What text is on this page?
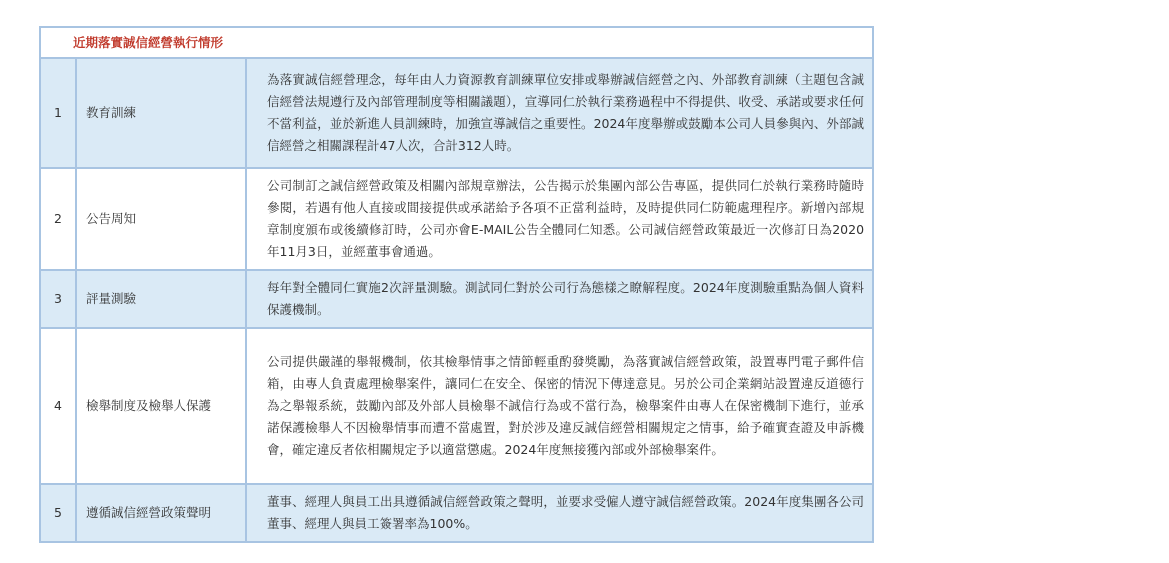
近期落實誠信經營執行情形		
1	教育訓練	為落實誠信經營理念，每年由人力資源教育訓練單位安排或舉辦誠信經營之內、外部教育訓練（主題包含誠信經營法規遵行及內部管理制度等相關議題），宣導同仁於執行業務過程中不得提供、收受、承諾或要求任何不當利益，並於新進人員訓練時，加強宣導誠信之重要性。2024年度舉辦或鼓勵本公司人員參與內、外部誠信經營之相關課程計47人次，合計312人時。
2	公告周知	公司制訂之誠信經營政策及相關內部規章辦法，公告揭示於集團內部公告專區，提供同仁於執行業務時隨時參閱，若遇有他人直接或間接提供或承諾給予各項不正當利益時，及時提供同仁防範處理程序。新增內部規章制度頒布或後續修訂時，公司亦會E-MAIL公告全體同仁知悉。公司誠信經營政策最近一次修訂日為2020年11月3日，並經董事會通過。
3	評量測驗	每年對全體同仁實施2次評量測驗。測試同仁對於公司行為態樣之瞭解程度。2024年度測驗重點為個人資料保護機制。
4	檢舉制度及檢舉人保護	公司提供嚴謹的舉報機制，依其檢舉情事之情節輕重酌發獎勵，為落實誠信經營政策，設置專門電子郵件信箱，由專人負責處理檢舉案件，讓同仁在安全、保密的情況下傳達意見。另於公司企業網站設置違反道德行為之舉報系統，鼓勵內部及外部人員檢舉不誠信行為或不當行為，檢舉案件由專人在保密機制下進行，並承諾保護檢舉人不因檢舉情事而遭不當處置，對於涉及違反誠信經營相關規定之情事，給予確實查證及申訴機會，確定違反者依相關規定予以適當懲處。2024年度無接獲內部或外部檢舉案件。
5	遵循誠信經營政策聲明	董事、經理人與員工出具遵循誠信經營政策之聲明，並要求受僱人遵守誠信經營政策。2024年度集團各公司董事、經理人與員工簽署率為100%。
